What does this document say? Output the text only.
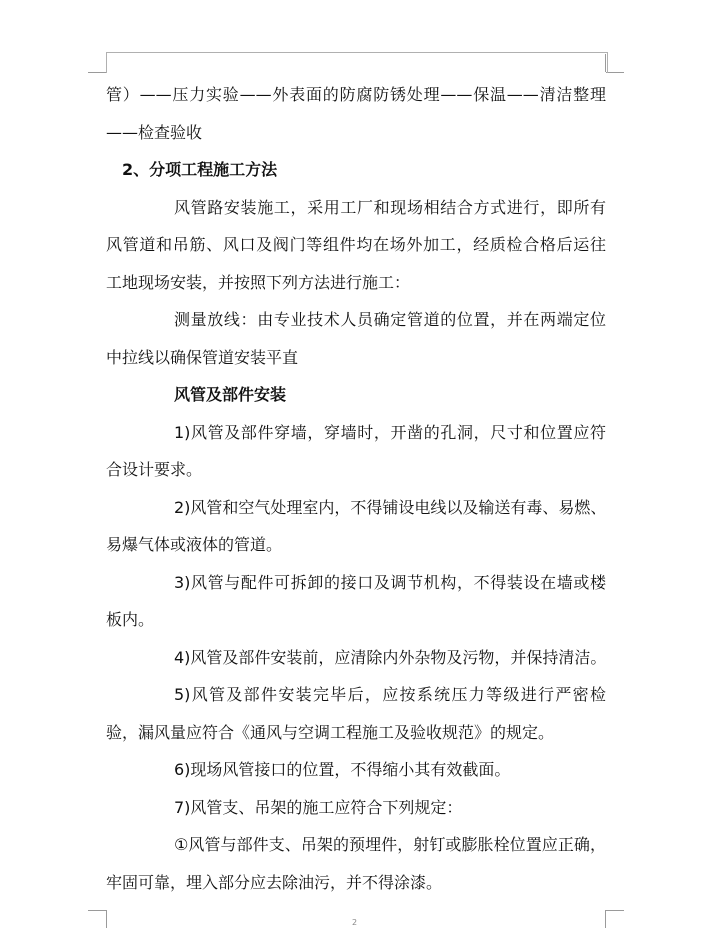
管）——压力实验——外表面的防腐防锈处理——保温——清洁整理
——检查验收
2、分项工程施工方法
风管路安装施工，采用工厂和现场相结合方式进行，即所有
风管道和吊筋、风口及阀门等组件均在场外加工，经质检合格后运往
工地现场安装，并按照下列方法进行施工：
测量放线：由专业技术人员确定管道的位置，并在两端定位
中拉线以确保管道安装平直
风管及部件安装
1)风管及部件穿墙，穿墙时，开凿的孔洞，尺寸和位置应符
合设计要求。
2)风管和空气处理室内，不得铺设电线以及输送有毒、易燃、
易爆气体或液体的管道。
3)风管与配件可拆卸的接口及调节机构，不得装设在墙或楼
板内。
4)风管及部件安装前，应清除内外杂物及污物，并保持清洁。
5)风管及部件安装完毕后，应按系统压力等级进行严密检
验，漏风量应符合《通风与空调工程施工及验收规范》的规定。
6)现场风管接口的位置，不得缩小其有效截面。
7)风管支、吊架的施工应符合下列规定：
①风管与部件支、吊架的预埋件，射钉或膨胀栓位置应正确，
牢固可靠，埋入部分应去除油污，并不得涂漆。
2
